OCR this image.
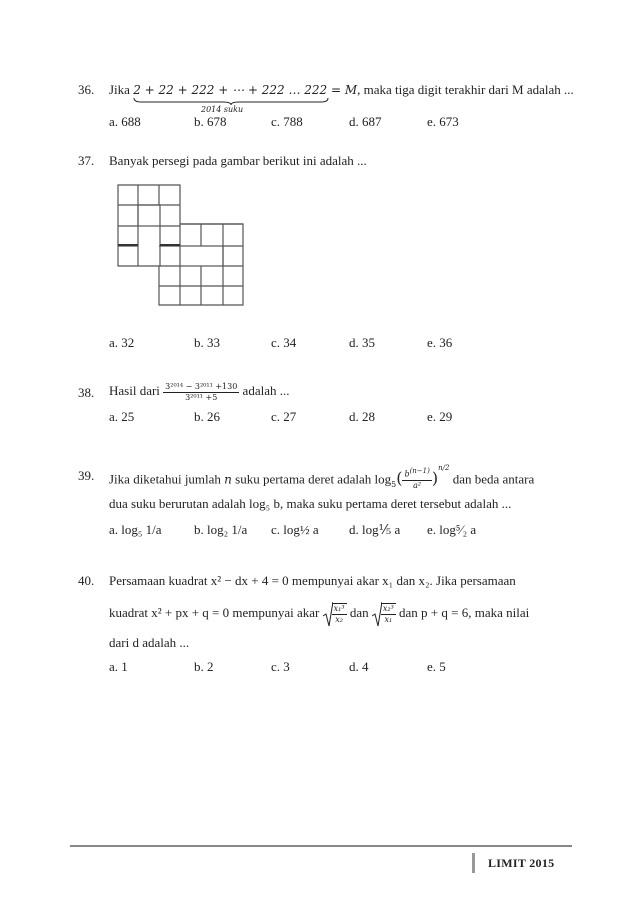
36.	Jika 2 + 22 + 222 + ⋯ + 222 … 222 = M
, maka tiga digit terakhir dari M adalah ...
2014 suku
a. 688	b. 678	c. 788	d. 687	e. 673
37.	Banyak persegi pada gambar berikut ini adalah ...
a. 32	b. 33	c. 34	d. 35	e. 36
38.	Hasil dari $\frac{\text{3²⁰¹⁴ − 3²⁰¹¹ +130}}{\text{3²⁰¹¹ +5}}$ adalah ...
a. 25	b. 26	c. 27	d. 28	e. 29
39.	Jika diketahui jumlah n suku pertama deret adalah $\log_5( \frac{b^{(n-1)}}{\text{a²}} )^{n/2}$ dan beda antara
dua suku berurutan adalah log₅ b, maka suku pertama deret tersebut adalah ...
a. log₅ 1/a b. log₂ 1/a c. log½ a d. log⅕ a e. log⁵⁄₂ a
40.	Persamaan kuadrat x² − dx + 4 = 0 mempunyai akar x₁ dan x₂. Jika persamaan
kuadrat x² + px + q = 0 mempunyai akar $\frac{\text{x₁³}}{\text{x₂}}$ dan $\frac{\text{x₂³}}{\text{x₁}}$ dan p + q = 6, maka nilai
dari d adalah ...
a. 1	b. 2	c. 3	d. 4	e. 5
LIMIT 2015
